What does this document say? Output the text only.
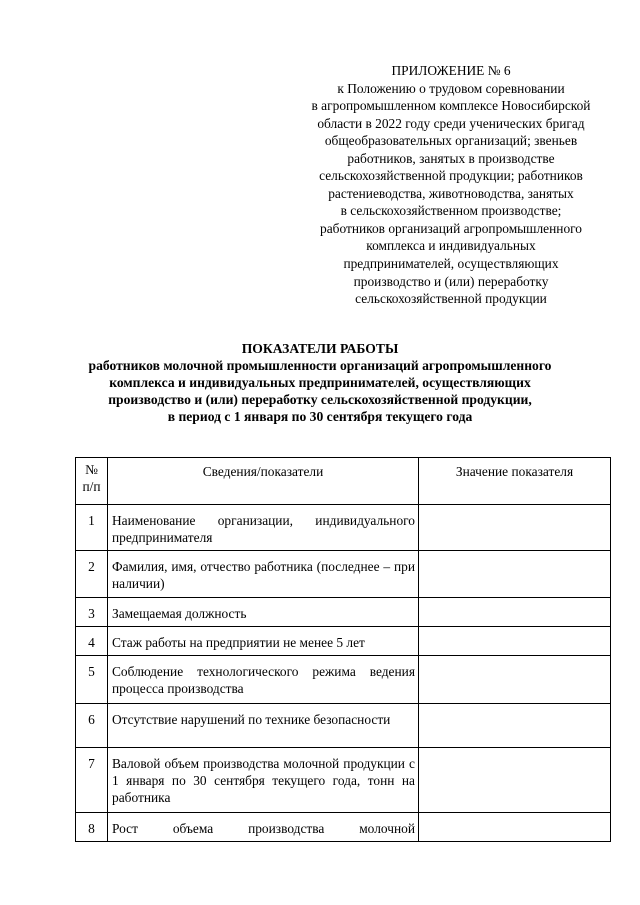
ПРИЛОЖЕНИЕ № 6
к Положению о трудовом соревновании
в агропромышленном комплексе Новосибирской
области в 2022 году среди ученических бригад
общеобразовательных организаций; звеньев
работников, занятых в производстве
сельскохозяйственной продукции; работников
растениеводства, животноводства, занятых
в сельскохозяйственном производстве;
работников организаций агропромышленного
комплекса и индивидуальных
предпринимателей, осуществляющих
производство и (или) переработку
сельскохозяйственной продукции
ПОКАЗАТЕЛИ РАБОТЫ
работников молочной промышленности организаций агропромышленного
комплекса и индивидуальных предпринимателей, осуществляющих
производство и (или) переработку сельскохозяйственной продукции,
в период с 1 января по 30 сентября текущего года
№
п/п	Сведения/показатели	Значение показателя
1	Наименование организации, индивидуального предпринимателя	
2	Фамилия, имя, отчество работника (последнее – при наличии)	
3	Замещаемая должность	
4	Стаж работы на предприятии не менее 5 лет	
5	Соблюдение технологического режима ведения процесса производства	
6	Отсутствие нарушений по технике безопасности	
7	Валовой объем производства молочной продукции с 1 января по 30 сентября текущего года, тонн на работника	
8	Рост объема производства молочной	
